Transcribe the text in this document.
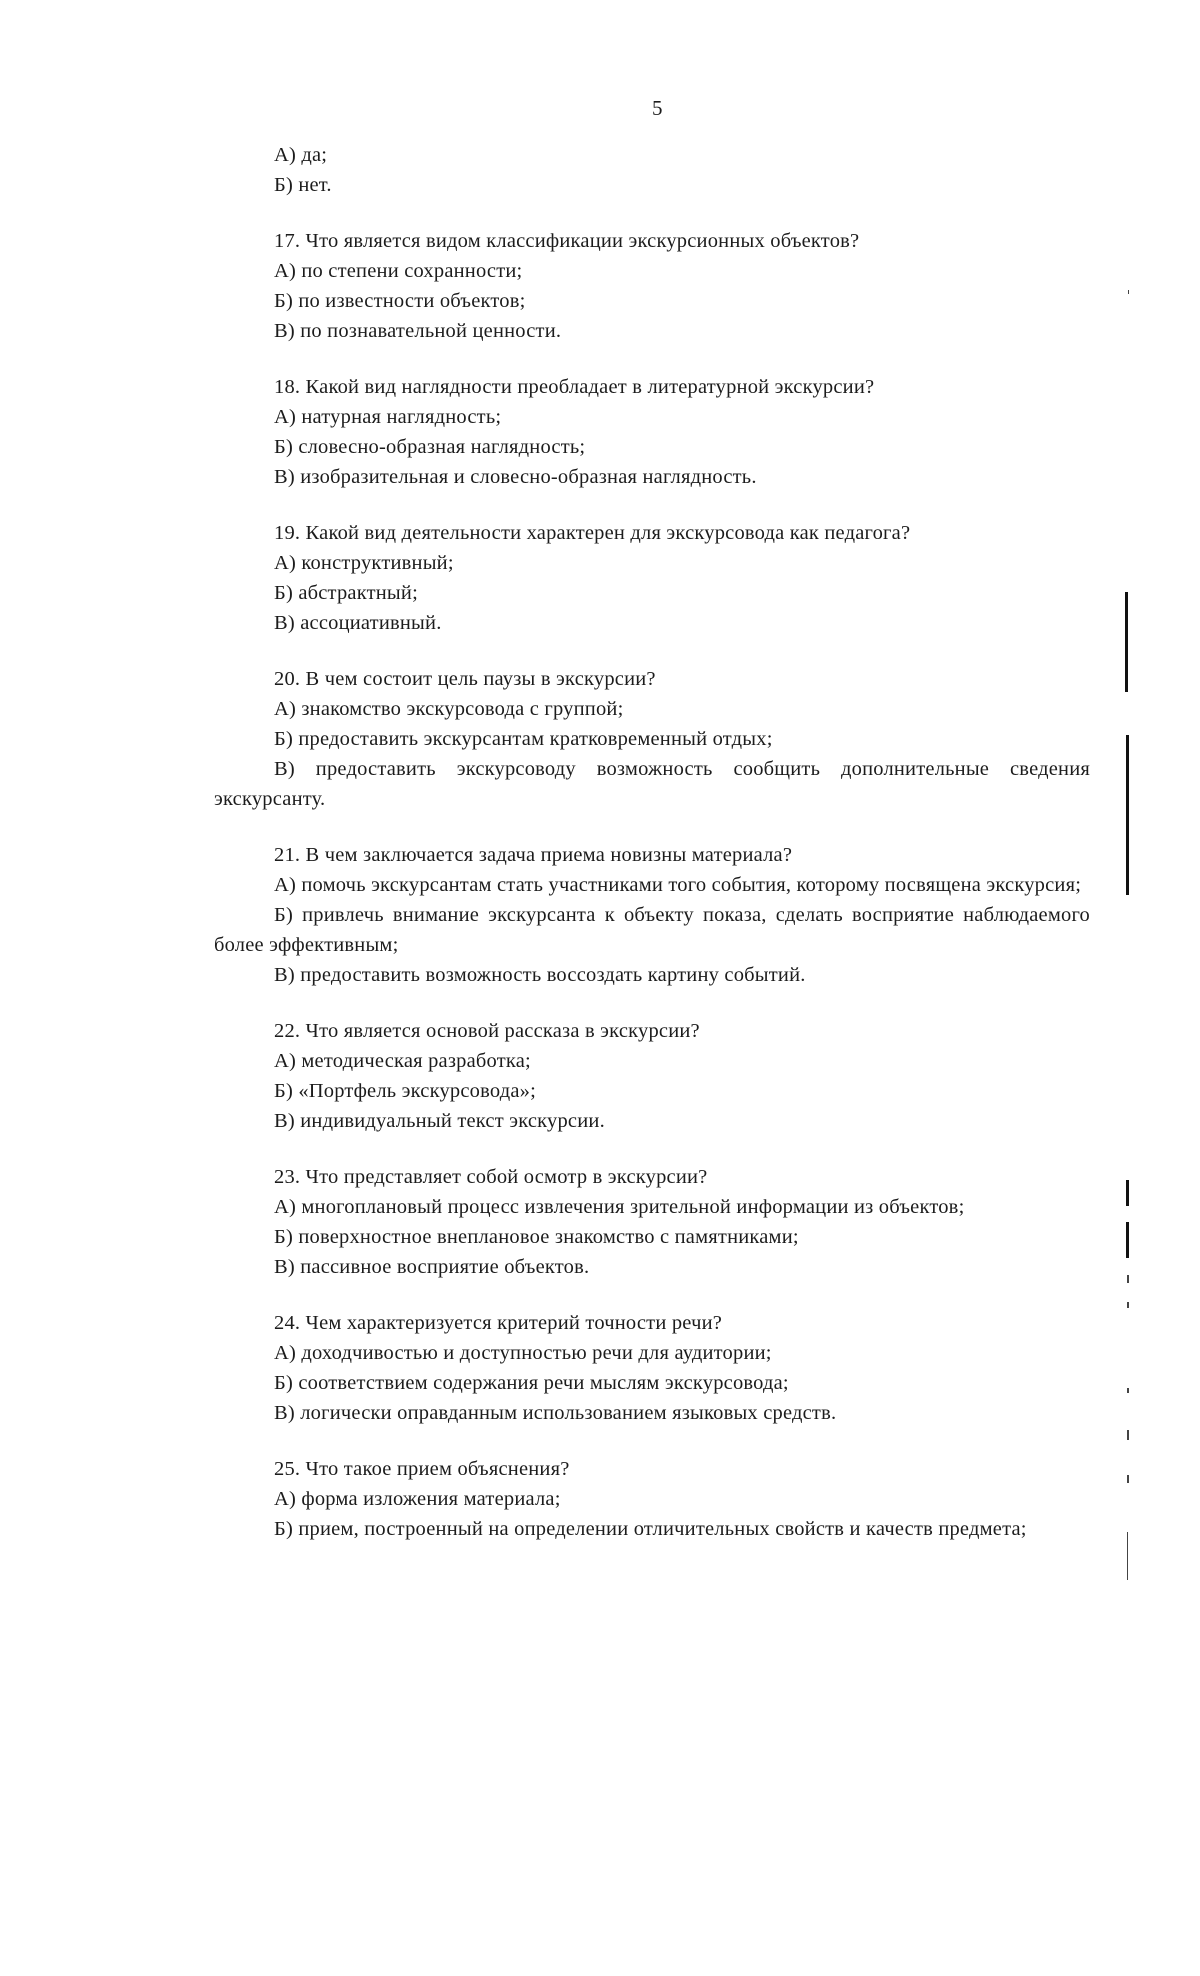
5
А) да;
Б) нет.
17. Что является видом классификации экскурсионных объектов?
А) по степени сохранности;
Б) по известности объектов;
В) по познавательной ценности.
18. Какой вид наглядности преобладает в литературной экскурсии?
А) натурная наглядность;
Б) словесно-образная наглядность;
В) изобразительная и словесно-образная наглядность.
19. Какой вид деятельности характерен для экскурсовода как педагога?
А) конструктивный;
Б) абстрактный;
В) ассоциативный.
20. В чем состоит цель паузы в экскурсии?
А) знакомство экскурсовода с группой;
Б) предоставить экскурсантам кратковременный отдых;
В) предоставить экскурсоводу возможность сообщить дополнительные сведения экскурсанту.
21. В чем заключается задача приема новизны материала?
А) помочь экскурсантам стать участниками того события, которому посвящена экскурсия;
Б) привлечь внимание экскурсанта к объекту показа, сделать восприятие наблюдаемого более эффективным;
В) предоставить возможность воссоздать картину событий.
22. Что является основой рассказа в экскурсии?
А) методическая разработка;
Б) «Портфель экскурсовода»;
В) индивидуальный текст экскурсии.
23. Что представляет собой осмотр в экскурсии?
А) многоплановый процесс извлечения зрительной информации из объектов;
Б) поверхностное внеплановое знакомство с памятниками;
В) пассивное восприятие объектов.
24. Чем характеризуется критерий точности речи?
А) доходчивостью и доступностью речи для аудитории;
Б) соответствием содержания речи мыслям экскурсовода;
В) логически оправданным использованием языковых средств.
25. Что такое прием объяснения?
А) форма изложения материала;
Б) прием, построенный на определении отличительных свойств и качеств предмета;
